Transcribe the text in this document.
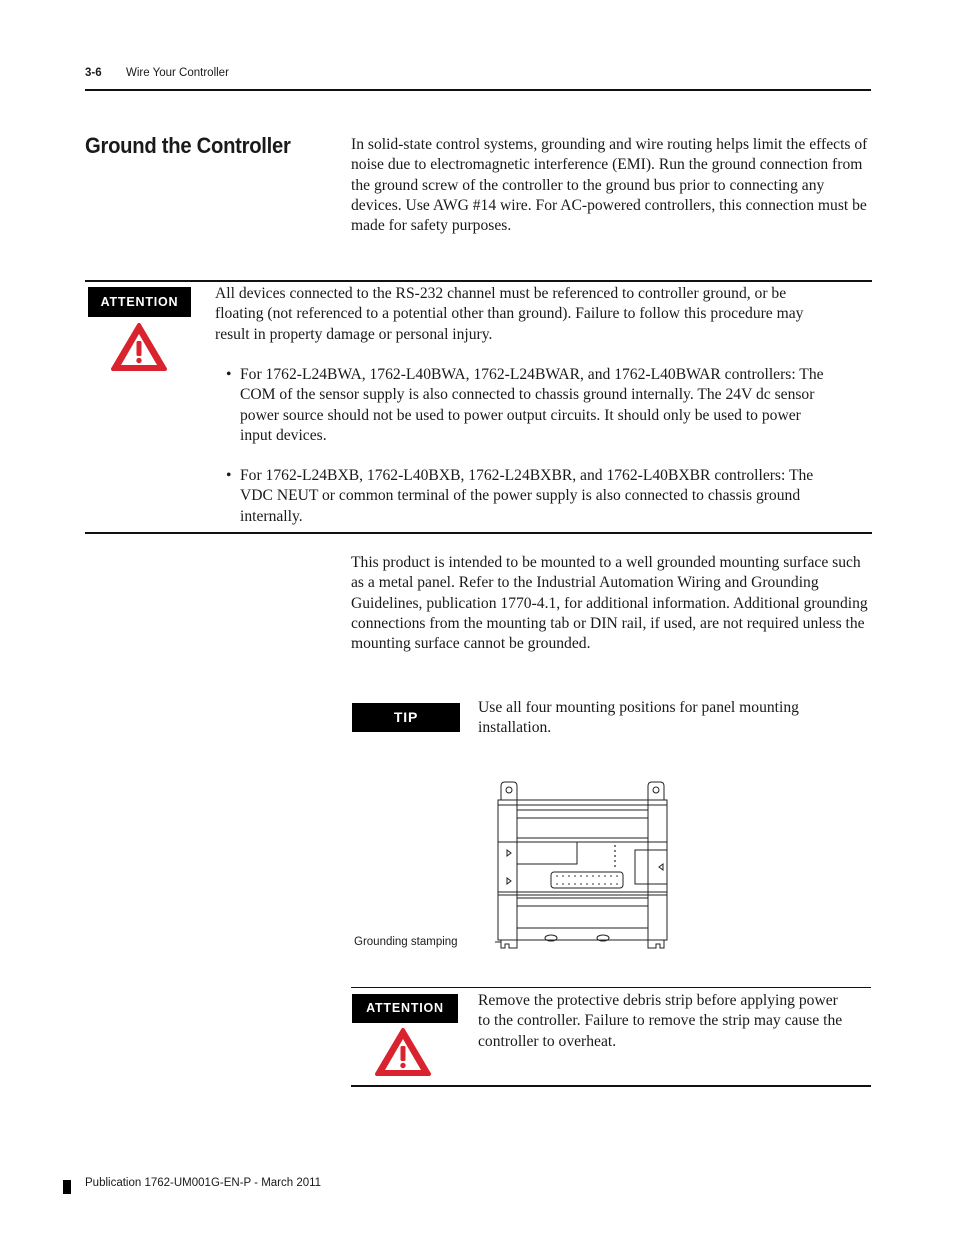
3-6 Wire Your Controller
Ground the Controller	In solid-state control systems, grounding and wire routing helps limit the effects of noise due to electromagnetic interference (EMI). Run the ground connection from the ground screw of the controller to the ground bus prior to connecting any devices. Use AWG #14 wire. For AC-powered controllers, this connection must be made for safety purposes.
ATTENTION	All devices connected to the RS-232 channel must be referenced to controller ground, or be floating (not referenced to a potential other than ground). Failure to follow this procedure may result in property damage or personal injury.
• For 1762-L24BWA, 1762-L40BWA, 1762-L24BWAR, and 1762-L40BWAR controllers: The COM of the sensor supply is also connected to chassis ground internally. The 24V dc sensor power source should not be used to power output circuits. It should only be used to power input devices.
• For 1762-L24BXB, 1762-L40BXB, 1762-L24BXBR, and 1762-L40BXBR controllers: The VDC NEUT or common terminal of the power supply is also connected to chassis ground internally.
This product is intended to be mounted to a well grounded mounting surface such as a metal panel. Refer to the Industrial Automation Wiring and Grounding Guidelines, publication 1770-4.1, for additional information. Additional grounding connections from the mounting tab or DIN rail, if used, are not required unless the mounting surface cannot be grounded.
TIP
Use all four mounting positions for panel mounting installation.
Grounding stamping
ATTENTION	Remove the protective debris strip before applying power to the controller. Failure to remove the strip may cause the controller to overheat.
Publication 1762-UM001G-EN-P - March 2011
